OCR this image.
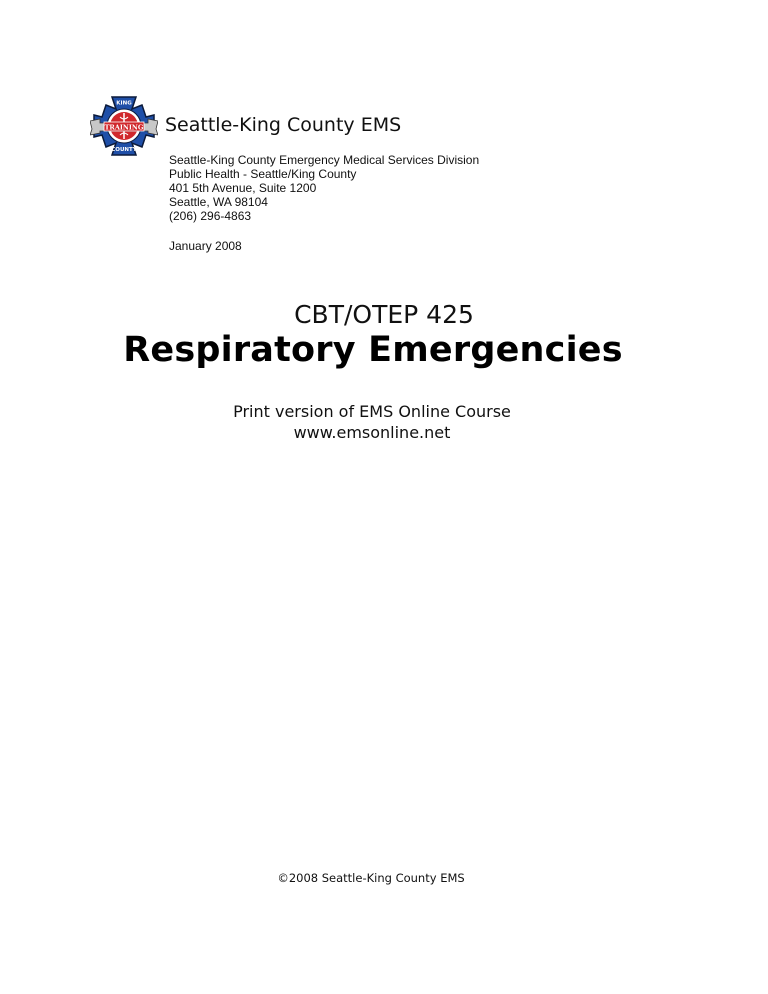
TRAINING
KING
COUNTY
Seattle-King County EMS
Seattle-King County Emergency Medical Services Division
Public Health - Seattle/King County
401 5th Avenue, Suite 1200
Seattle, WA 98104
(206) 296-4863
January 2008
CBT/OTEP 425
Respiratory Emergencies
Print version of EMS Online Course
www.emsonline.net
©2008 Seattle-King County EMS
